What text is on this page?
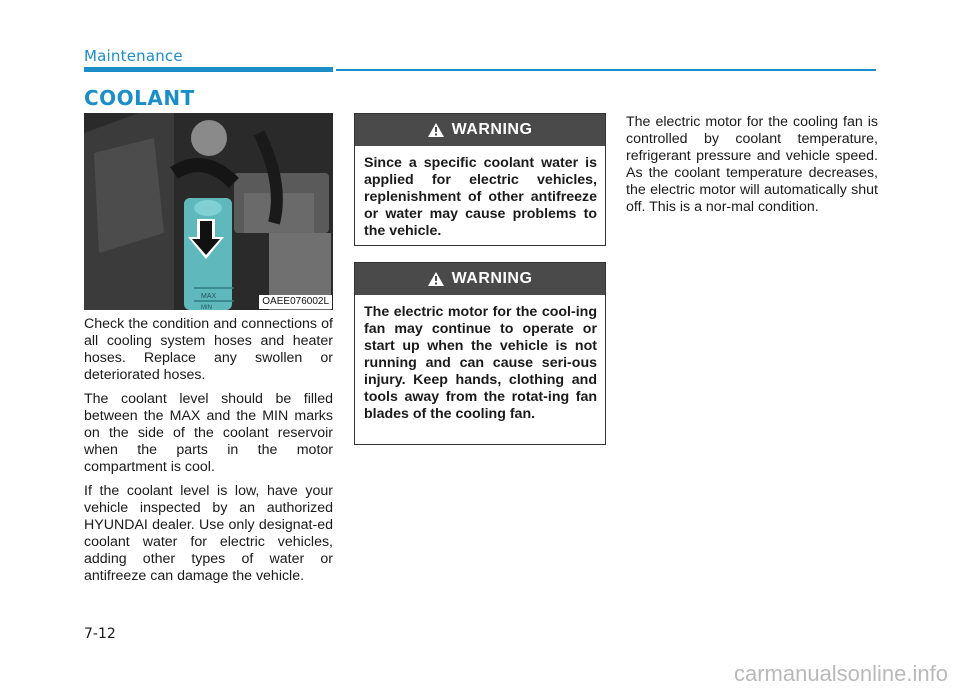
Maintenance
COOLANT
MAX
MIN
OAEE076002L

Check the condition and connections of all cooling system hoses and heater hoses. Replace any swollen or deteriorated hoses.

The coolant level should be filled between the MAX and the MIN marks on the side of the coolant reservoir when the parts in the motor compartment is cool.

If the coolant level is low, have your vehicle inspected by an authorized HYUNDAI dealer. Use only designat-ed coolant water for electric vehicles, adding other types of water or antifreeze can damage the vehicle.

WARNING
Since a specific coolant water is applied for electric vehicles, replenishment of other antifreeze or water may cause problems to the vehicle.
WARNING
The electric motor for the cool-ing fan may continue to operate or start up when the vehicle is not running and can cause seri-ous injury. Keep hands, clothing and tools away from the rotat-ing fan blades of the cooling fan.

The electric motor for the cooling fan is controlled by coolant temperature, refrigerant pressure and vehicle speed. As the coolant temperature decreases, the electric motor will automatically shut off. This is a nor-mal condition.

7-12
carmanualsonline.info
